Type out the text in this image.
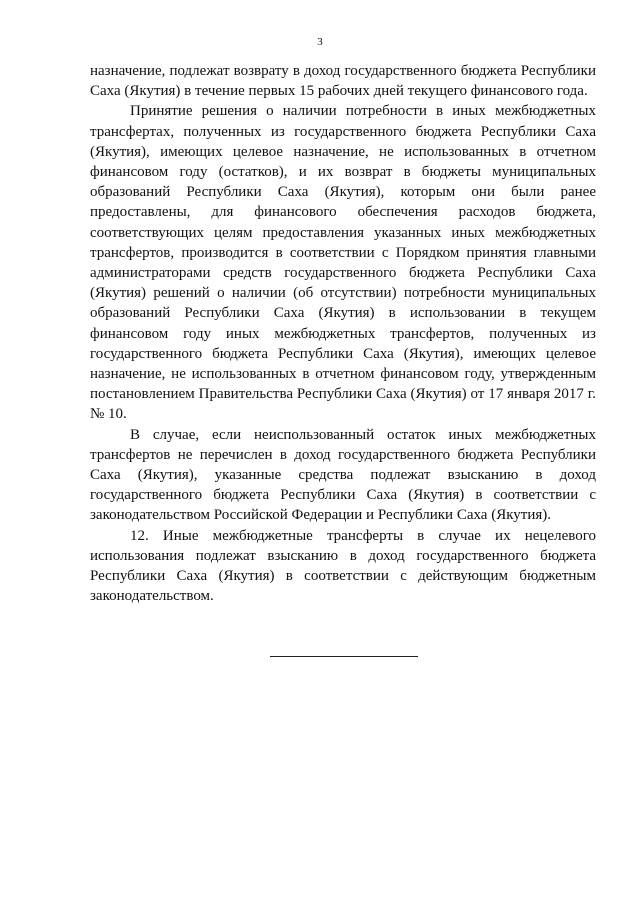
3

назначение, подлежат возврату в доход государственного бюджета Республики Саха (Якутия) в течение первых 15 рабочих дней текущего финансового года.

Принятие решения о наличии потребности в иных межбюджетных трансфертах, полученных из государственного бюджета Республики Саха (Якутия), имеющих целевое назначение, не использованных в отчетном финансовом году (остатков), и их возврат в бюджеты муниципальных образований Республики Саха (Якутия), которым они были ранее предоставлены, для финансового обеспечения расходов бюджета, соответствующих целям предоставления указанных иных межбюджетных трансфертов, производится в соответствии с Порядком принятия главными администраторами средств государственного бюджета Республики Саха (Якутия) решений о наличии (об отсутствии) потребности муниципальных образований Республики Саха (Якутия) в использовании в текущем финансовом году иных межбюджетных трансфертов, полученных из государственного бюджета Республики Саха (Якутия), имеющих целевое назначение, не использованных в отчетном финансовом году, утвержденным постановлением Правительства Республики Саха (Якутия) от 17 января 2017 г. № 10.

В случае, если неиспользованный остаток иных межбюджетных трансфертов не перечислен в доход государственного бюджета Республики Саха (Якутия), указанные средства подлежат взысканию в доход государственного бюджета Республики Саха (Якутия) в соответствии с законодательством Российской Федерации и Республики Саха (Якутия).

12. Иные межбюджетные трансферты в случае их нецелевого использования подлежат взысканию в доход государственного бюджета Республики Саха (Якутия) в соответствии с действующим бюджетным законодательством.
